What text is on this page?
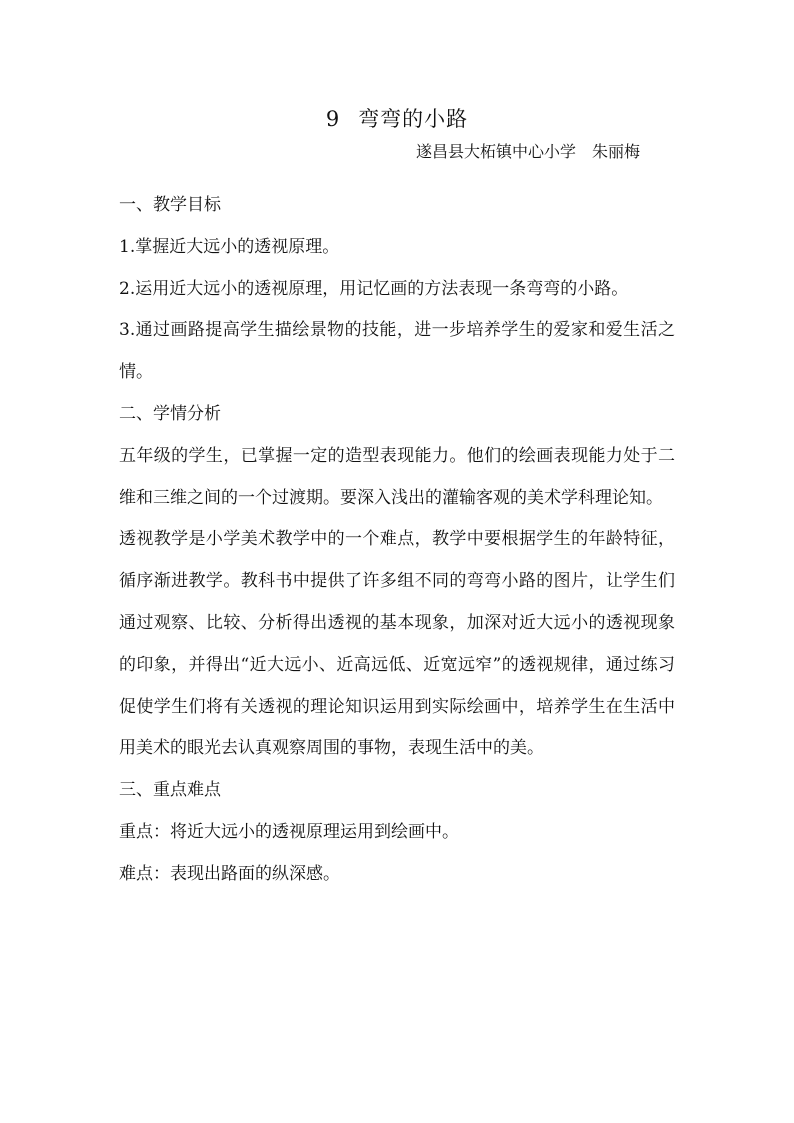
9 弯弯的小路
遂昌县大柘镇中心小学 朱丽梅

一、教学目标

1.掌握近大远小的透视原理。

2.运用近大远小的透视原理，用记忆画的方法表现一条弯弯的小路。

3.通过画路提高学生描绘景物的技能，进一步培养学生的爱家和爱生活之情。

二、学情分析

五年级的学生，已掌握一定的造型表现能力。他们的绘画表现能力处于二维和三维之间的一个过渡期。要深入浅出的灌输客观的美术学科理论知。

透视教学是小学美术教学中的一个难点，教学中要根据学生的年龄特征，循序渐进教学。教科书中提供了许多组不同的弯弯小路的图片，让学生们通过观察、比较、分析得出透视的基本现象，加深对近大远小的透视现象的印象，并得出“近大远小、近高远低、近宽远窄”的透视规律，通过练习促使学生们将有关透视的理论知识运用到实际绘画中，培养学生在生活中用美术的眼光去认真观察周围的事物，表现生活中的美。

三、重点难点

重点：将近大远小的透视原理运用到绘画中。

难点：表现出路面的纵深感。
